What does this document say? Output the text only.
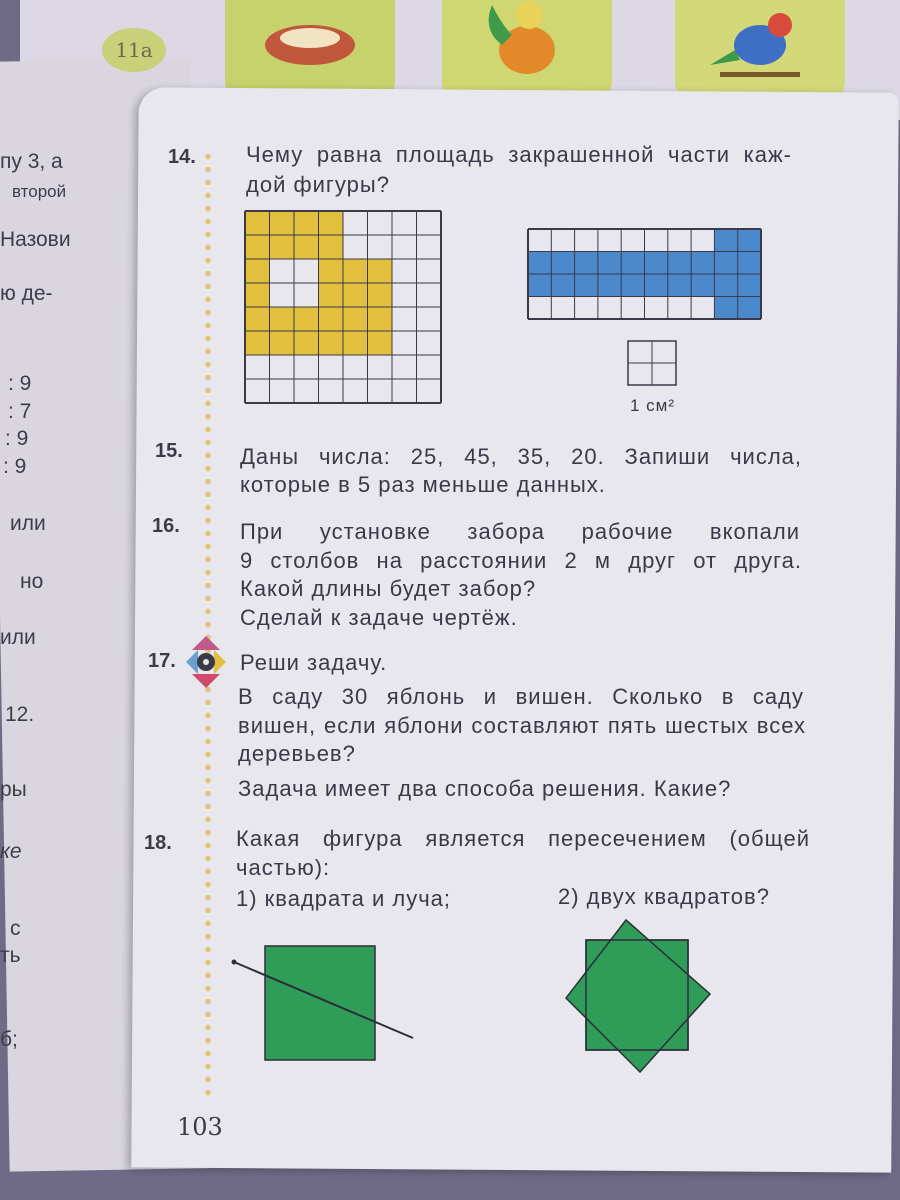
11a
пу 3, а
второй
Назови
ю де-
: 9
: 7
: 9
: 9
или
но
или
12.
ры
ке
с
ть
б;
14. Чему равна площадь закрашенной части каж-
дой фигуры?
1 см²
15.	Даны числа: 25, 45, 35, 20. Запиши числа,
которые в 5 раз меньше данных.
16.	При установке забора рабочие вкопали
9 столбов на расстоянии 2 м друг от друга.
Какой длины будет забор?
Сделай к задаче чертёж.
17.	Реши задачу.
В саду 30 яблонь и вишен. Сколько в саду
вишен, если яблони составляют пять шестых всех
деревьев?
Задача имеет два способа решения. Какие?
18.	Какая фигура является пересечением (общей
частью):
1) квадрата и луча;	2) двух квадратов?
103
